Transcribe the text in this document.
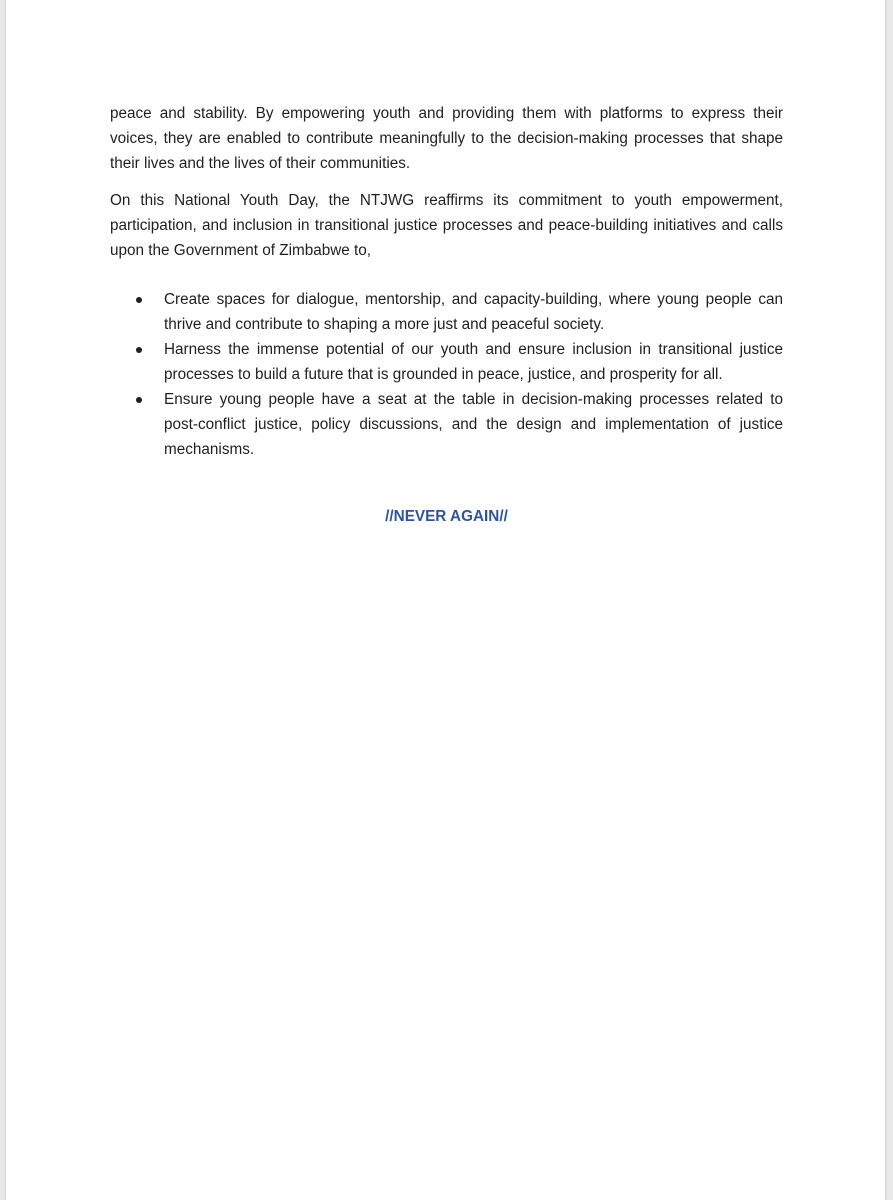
peace and stability. By empowering youth and providing them with platforms to express their voices, they are enabled to contribute meaningfully to the decision-making processes that shape their lives and the lives of their communities.

On this National Youth Day, the NTJWG reaffirms its commitment to youth empowerment, participation, and inclusion in transitional justice processes and peace-building initiatives and calls upon the Government of Zimbabwe to,

Create spaces for dialogue, mentorship, and capacity-building, where young people can thrive and contribute to shaping a more just and peaceful society.
Harness the immense potential of our youth and ensure inclusion in transitional justice processes to build a future that is grounded in peace, justice, and prosperity for all.
Ensure young people have a seat at the table in decision-making processes related to post-conflict justice, policy discussions, and the design and implementation of justice mechanisms.
//NEVER AGAIN//
